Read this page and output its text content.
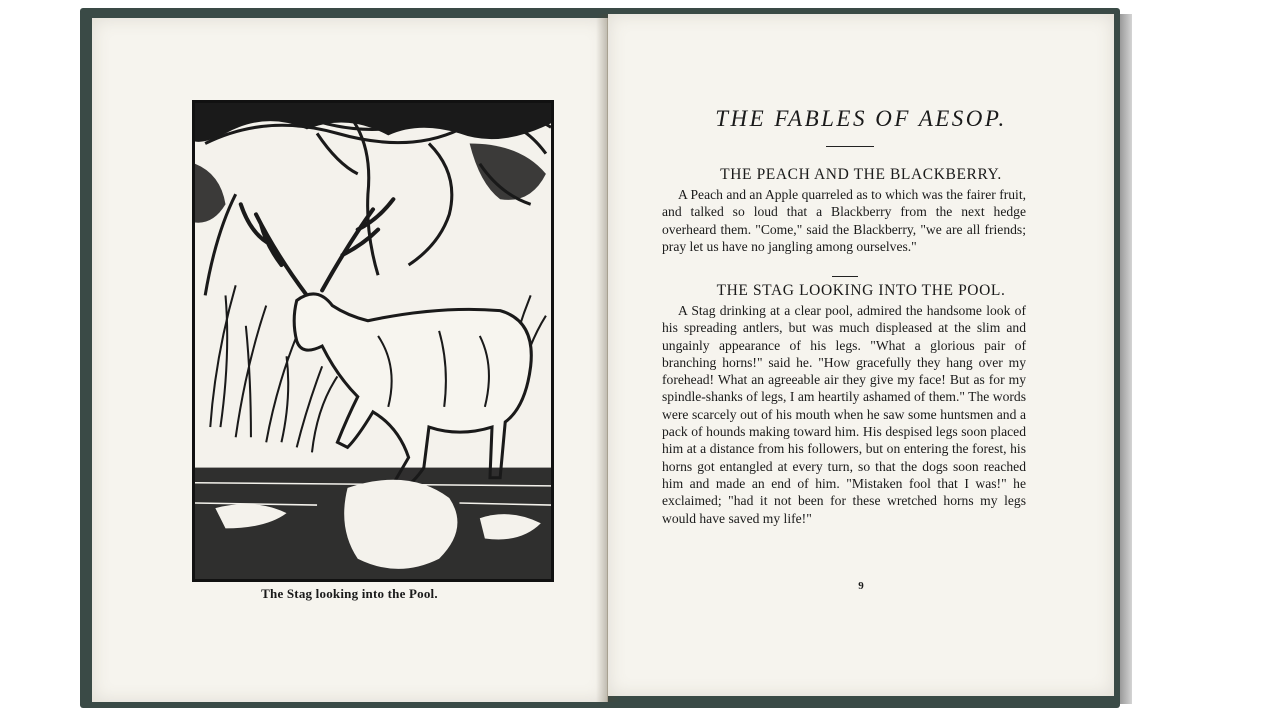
The Stag looking into the Pool.
THE FABLES OF AESOP.
THE PEACH AND THE BLACKBERRY.

A Peach and an Apple quarreled as to which was the fairer fruit, and talked so loud that a Blackberry from the next hedge overheard them. "Come," said the Blackberry, "we are all friends; pray let us have no jangling among ourselves."

THE STAG LOOKING INTO THE POOL.

A Stag drinking at a clear pool, admired the handsome look of his spreading antlers, but was much displeased at the slim and ungainly appearance of his legs. "What a glorious pair of branching horns!" said he. "How gracefully they hang over my forehead! What an agreeable air they give my face! But as for my spindle-shanks of legs, I am heartily ashamed of them." The words were scarcely out of his mouth when he saw some huntsmen and a pack of hounds making toward him. His despised legs soon placed him at a distance from his followers, but on entering the forest, his horns got entangled at every turn, so that the dogs soon reached him and made an end of him. "Mistaken fool that I was!" he exclaimed; "had it not been for these wretched horns my legs would have saved my life!"

9
